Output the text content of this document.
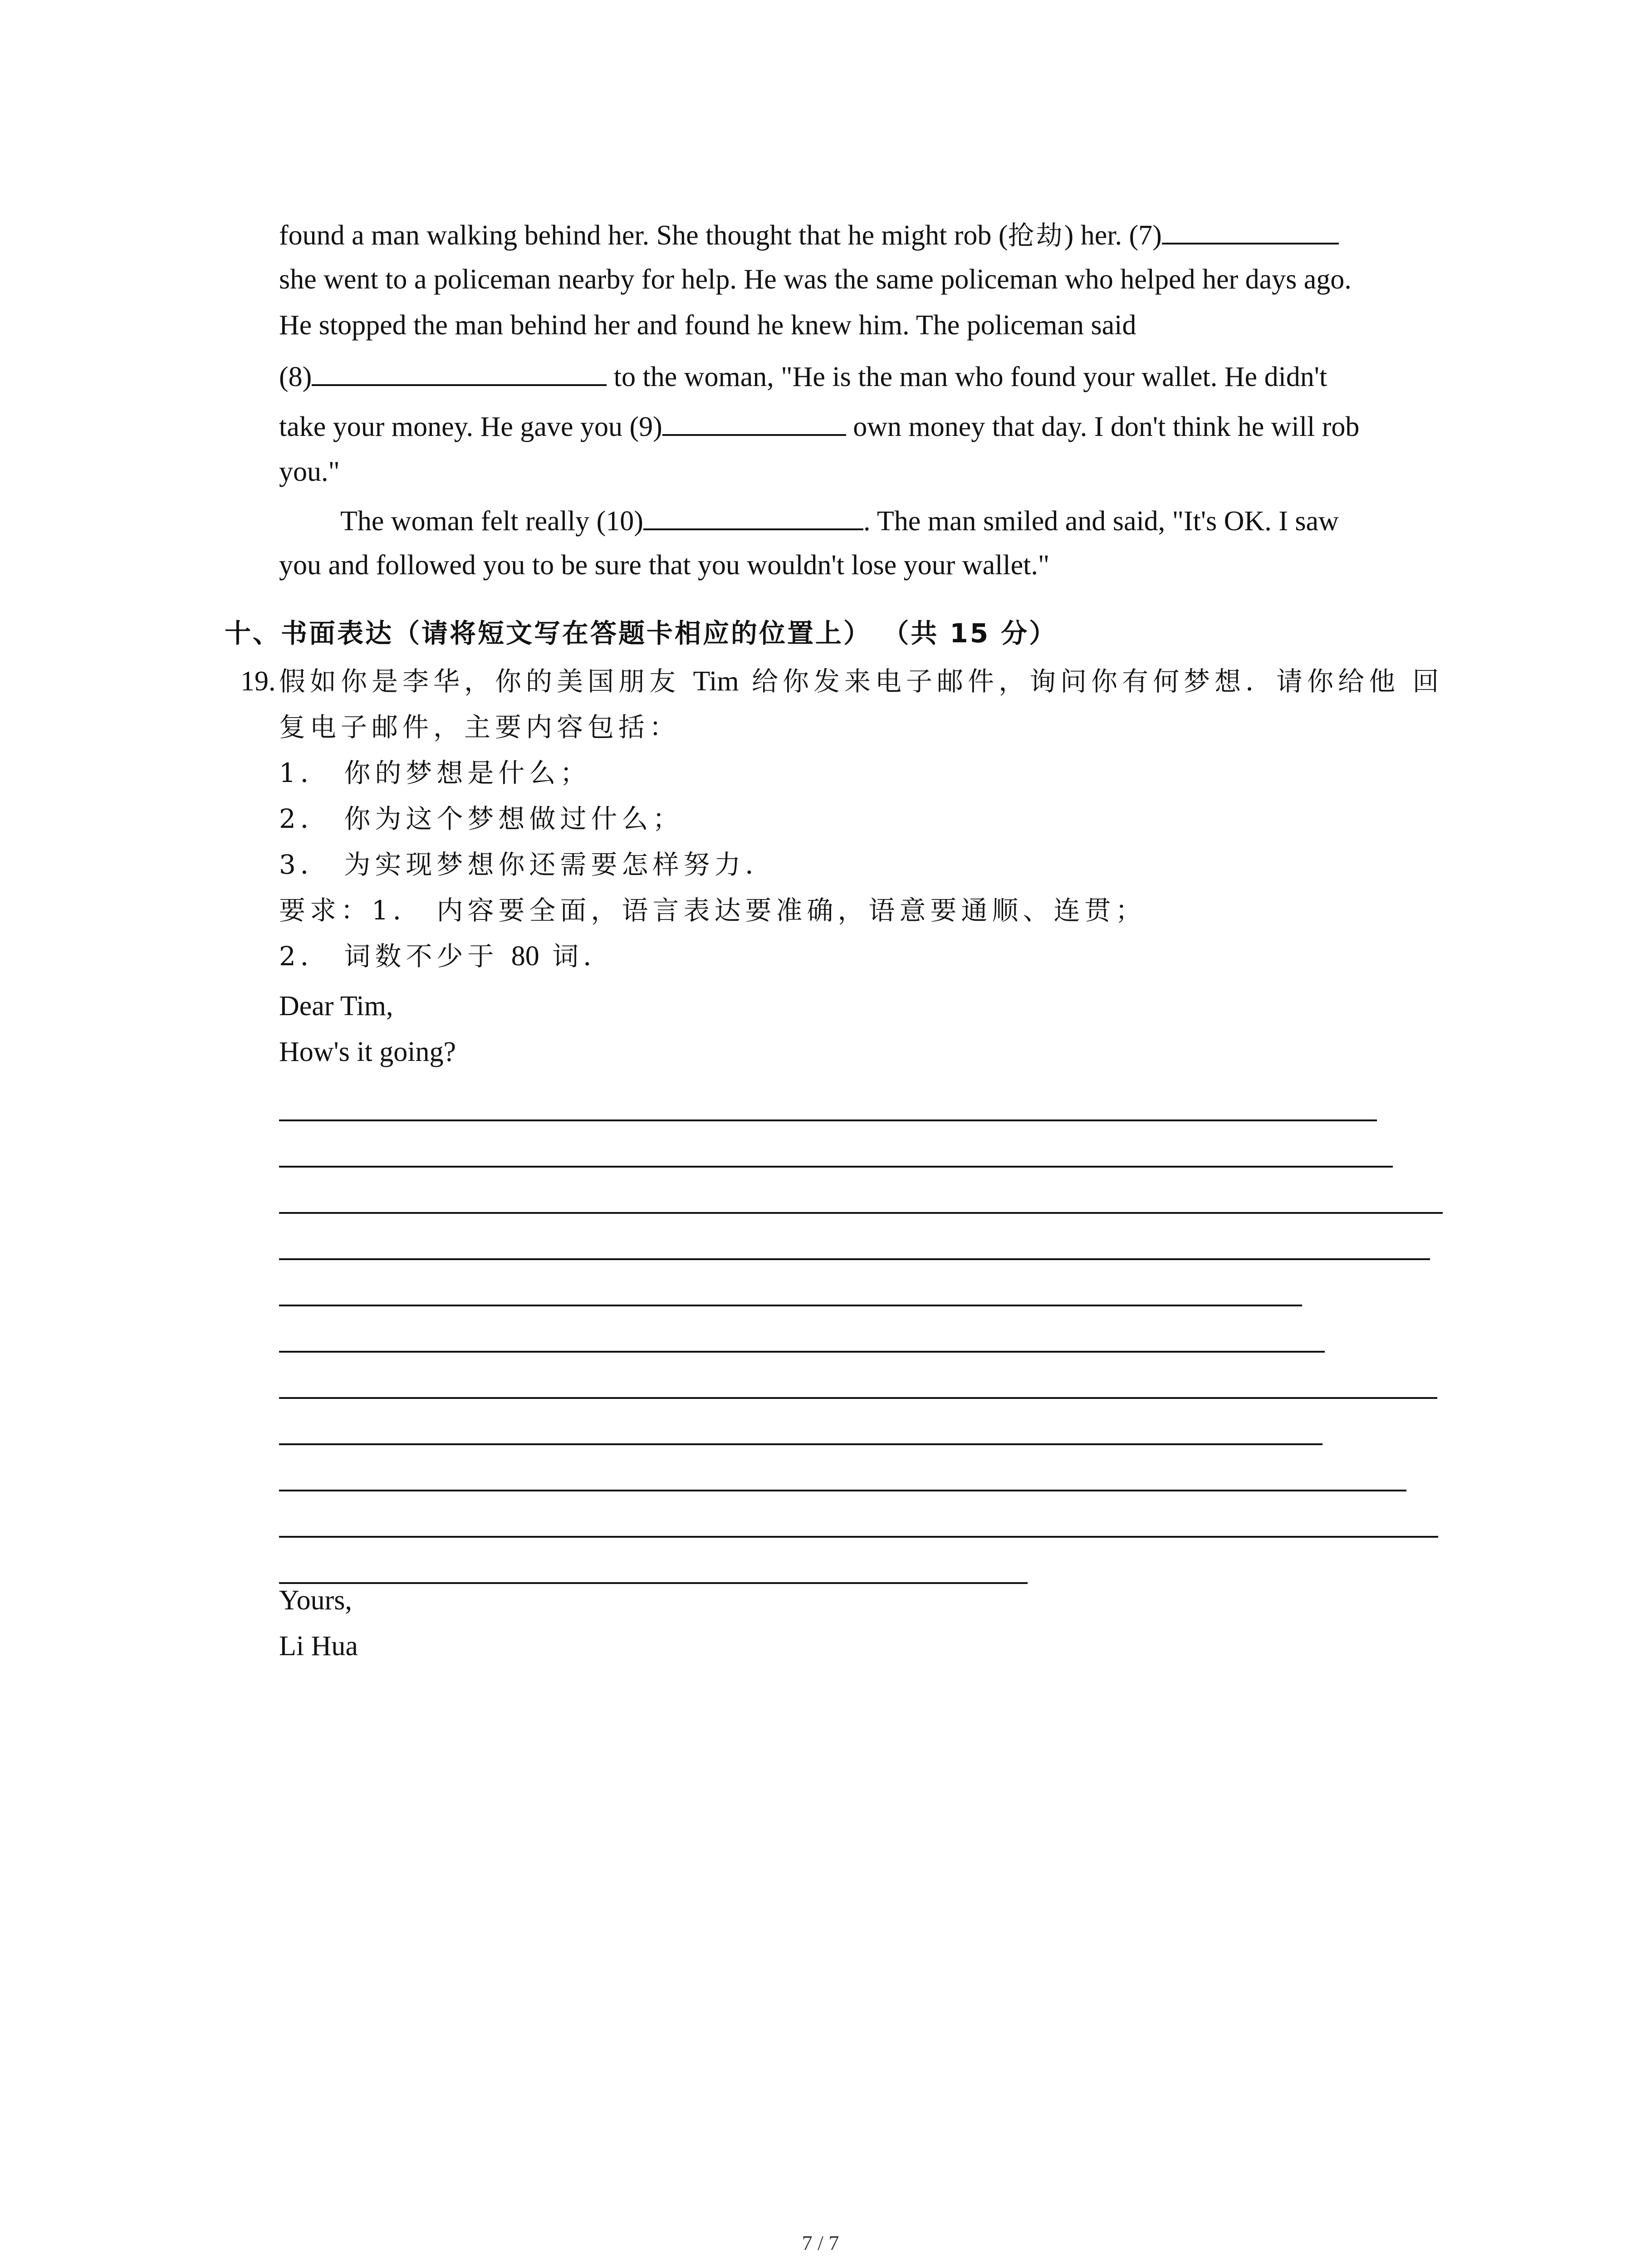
found a man walking behind her. She thought that he might rob (抢劫) her. (7)
she went to a policeman nearby for help. He was the same policeman who helped her days ago.
He stopped the man behind her and found he knew him. The policeman said
(8)	to the woman, "He is the man who found your wallet. He didn't
take your money. He gave you (9)	own money that day. I don't think he will rob
you."
The woman felt really (10)	. The man smiled and said, "It's OK. I saw
you and followed you to be sure that you wouldn't lose your wallet."
十、书面表达（请将短文写在答题卡相应的位置上） （共 15 分）
19. 假如你是李华，你的美国朋友 Tim 给你发来电子邮件，询问你有何梦想．请你给他 回
复电子邮件，主要内容包括：
1． 你的梦想是什么；
2． 你为这个梦想做过什么；
3． 为实现梦想你还需要怎样努力．
要求：1． 内容要全面，语言表达要准确，语意要通顺、连贯；
2． 词数不少于 80 词．
Dear Tim,
How's it going?
Yours,
Li Hua
7 / 7
